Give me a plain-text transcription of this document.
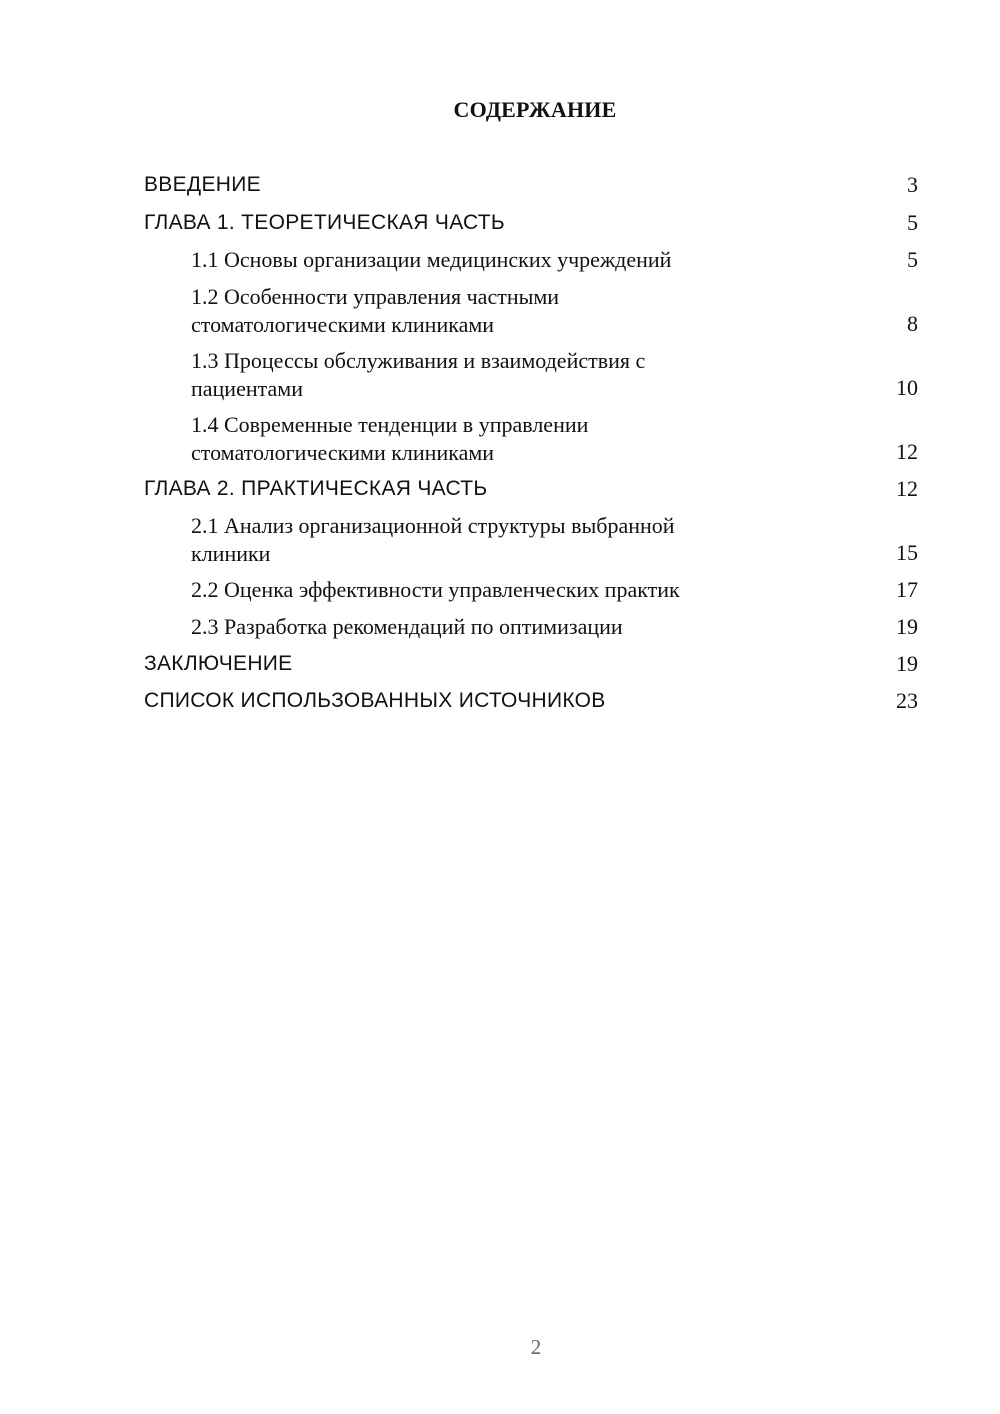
СОДЕРЖАНИЕ
ВВЕДЕНИЕ	3
ГЛАВА 1. ТЕОРЕТИЧЕСКАЯ ЧАСТЬ	5
1.1 Основы организации медицинских учреждений	5
1.2 Особенности управления частными
стоматологическими клиниками	8
1.3 Процессы обслуживания и взаимодействия с
пациентами	10
1.4 Современные тенденции в управлении
стоматологическими клиниками	12
ГЛАВА 2. ПРАКТИЧЕСКАЯ ЧАСТЬ	12
2.1 Анализ организационной структуры выбранной
клиники	15
2.2 Оценка эффективности управленческих практик	17
2.3 Разработка рекомендаций по оптимизации	19
ЗАКЛЮЧЕНИЕ	19
СПИСОК ИСПОЛЬЗОВАННЫХ ИСТОЧНИКОВ	23
2
